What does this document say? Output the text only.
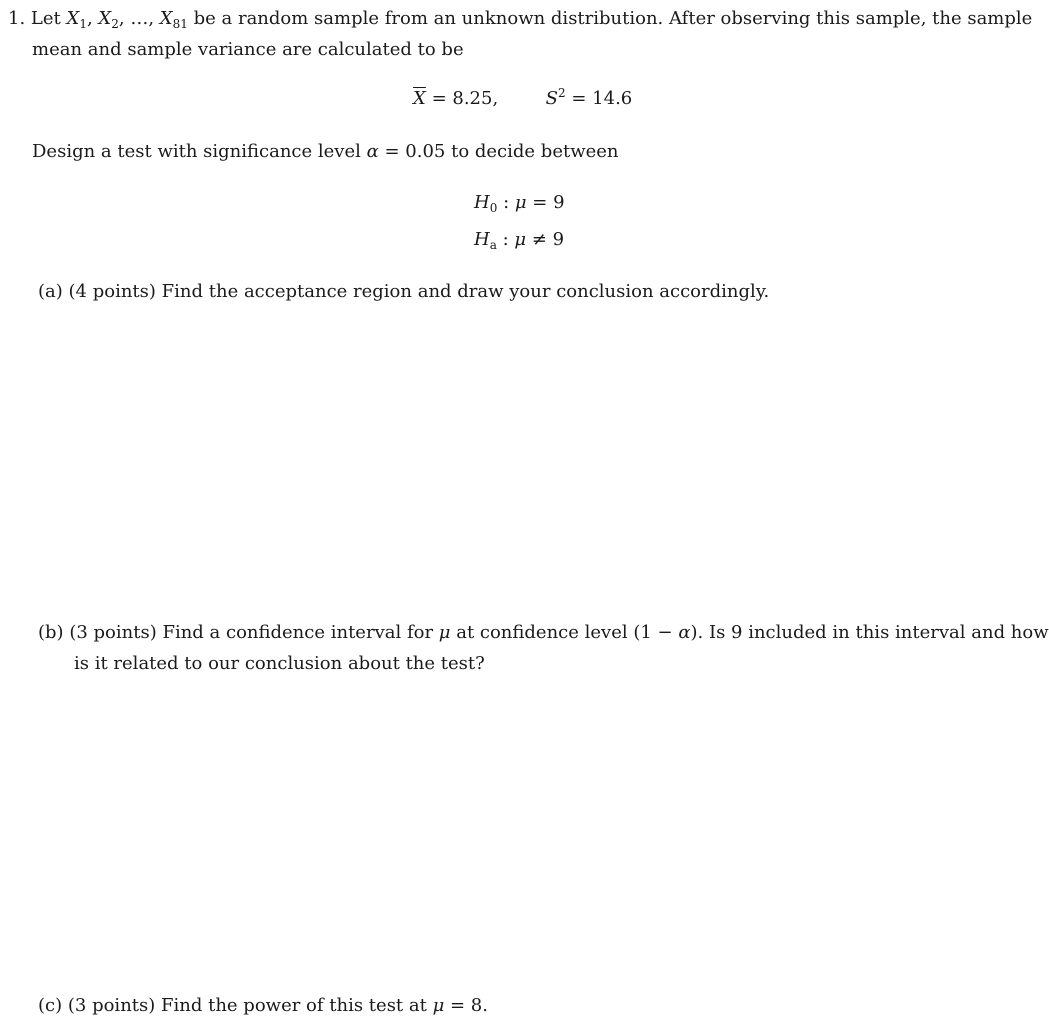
1. Let $X_1$, $X_2$, …, $X_{81}$ be a random sample from an unknown distribution. After observing this sample, the sample
mean and sample variance are calculated to be
$\overline{X} = 8.25$,	$S^2 = 14.6$
Design a test with significance level α = 0.05 to decide between
$H_0$ : μ = 9
$H_a$ : μ ≠ 9
(a) (4 points) Find the acceptance region and draw your conclusion accordingly.
(b) (3 points) Find a confidence interval for μ at confidence level (1 − α). Is 9 included in this interval and how
is it related to our conclusion about the test?
(c) (3 points) Find the power of this test at μ = 8.
